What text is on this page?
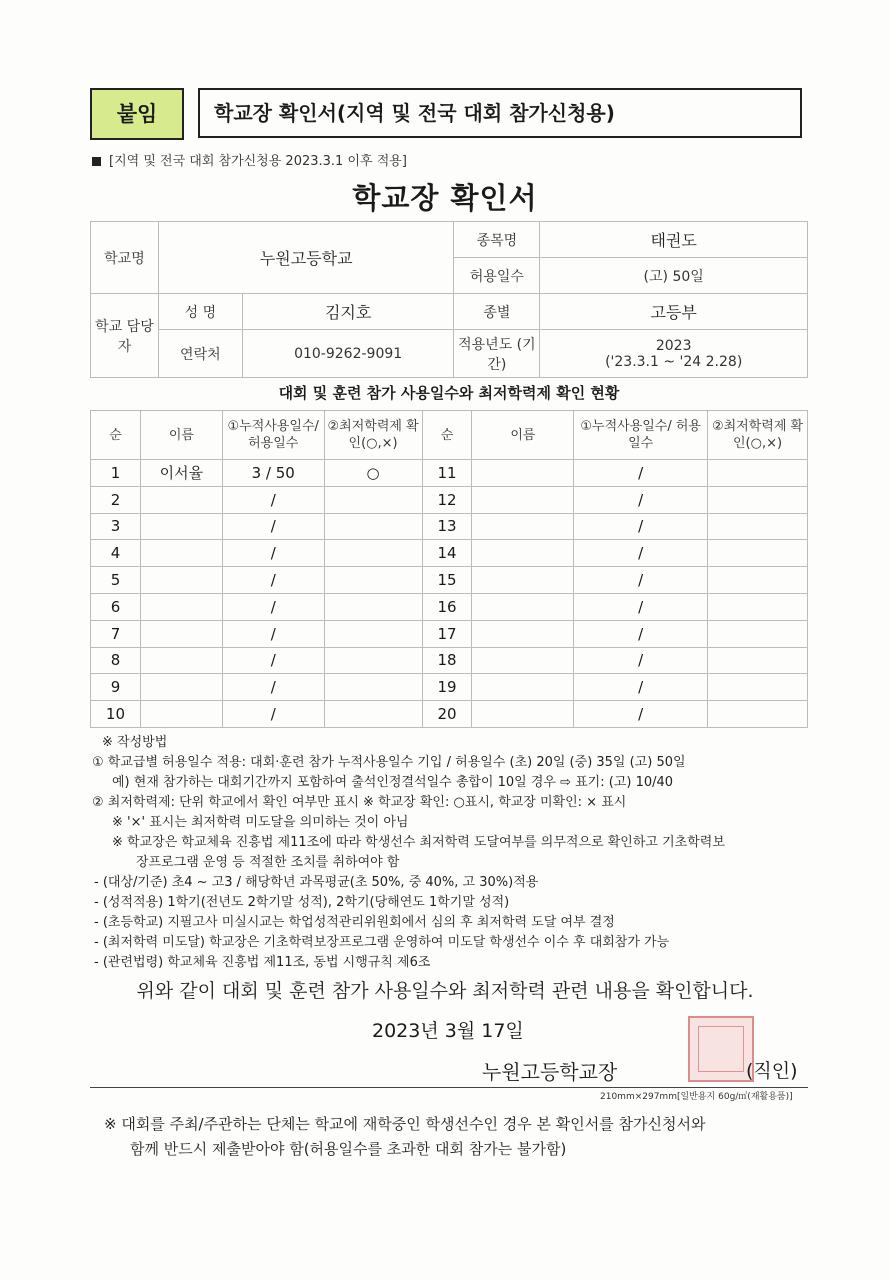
붙임	학교장 확인서(지역 및 전국 대회 참가신청용)
[지역 및 전국 대회 참가신청용 2023.3.1 이후 적용]
학교장 확인서
학교명	누원고등학교		종목명	태권도
			허용일수	(고) 50일
학교 담당자	성 명	김지호	종별	고등부
	연락처	010-9262-9091	적용년도 (기간)	2023
('23.3.1 ~ '24 2.28)
대회 및 훈련 참가 사용일수와 최저학력제 확인 현황
순	이름	①누적사용일수/ 허용일수	②최저학력제 확인(○,×)	순	이름	①누적사용일수/ 허용일수	②최저학력제 확인(○,×)
1	이서율	3 / 50	○	11		/	
2		/		12		/	
3		/		13		/	
4		/		14		/	
5		/		15		/	
6		/		16		/	
7		/		17		/	
8		/		18		/	
9		/		19		/	
10		/		20		/	
※ 작성방법
① 학교급별 허용일수 적용: 대회·훈련 참가 누적사용일수 기입 / 허용일수 (초) 20일 (중) 35일 (고) 50일
예) 현재 참가하는 대회기간까지 포함하여 출석인정결석일수 총합이 10일 경우 ⇨ 표기: (고) 10/40
② 최저학력제: 단위 학교에서 확인 여부만 표시 ※ 학교장 확인: ○표시, 학교장 미확인: × 표시
※ '×' 표시는 최저학력 미도달을 의미하는 것이 아님
※ 학교장은 학교체육 진흥법 제11조에 따라 학생선수 최저학력 도달여부를 의무적으로 확인하고 기초학력보
장프로그램 운영 등 적절한 조치를 취하여야 함
- (대상/기준) 초4 ~ 고3 / 해당학년 과목평균(초 50%, 중 40%, 고 30%)적용
- (성적적용) 1학기(전년도 2학기말 성적), 2학기(당해연도 1학기말 성적)
- (초등학교) 지필고사 미실시교는 학업성적관리위원회에서 심의 후 최저학력 도달 여부 결정
- (최저학력 미도달) 학교장은 기초학력보장프로그램 운영하여 미도달 학생선수 이수 후 대회참가 가능
- (관련법령) 학교체육 진흥법 제11조, 동법 시행규칙 제6조
위와 같이 대회 및 훈련 참가 사용일수와 최저학력 관련 내용을 확인합니다.
2023년 3월 17일
누원고등학교장	(직인)
210mm×297mm[일반용지 60g/㎡(재활용품)]
※ 대회를 주최/주관하는 단체는 학교에 재학중인 학생선수인 경우 본 확인서를 참가신청서와
함께 반드시 제출받아야 함(허용일수를 초과한 대회 참가는 불가함)
